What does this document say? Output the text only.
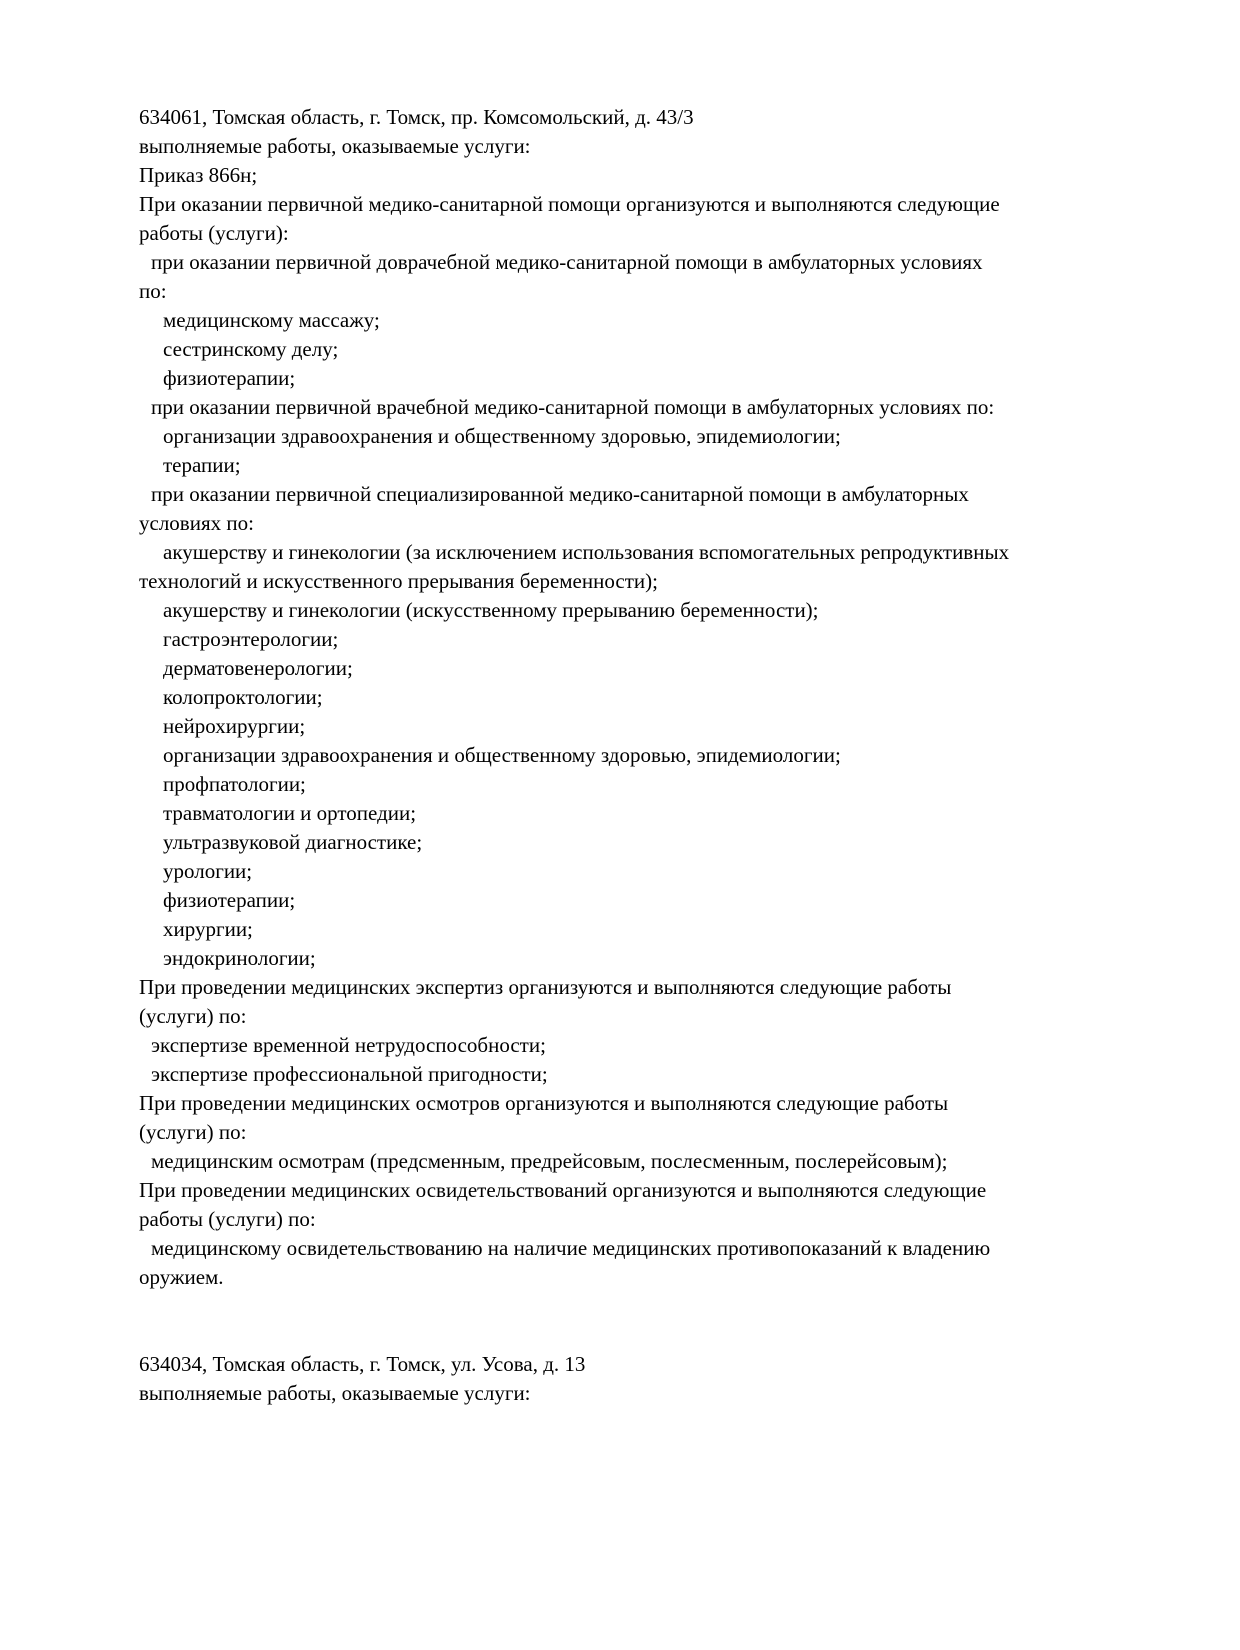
634061, Томская область, г. Томск, пр. Комсомольский, д. 43/3
выполняемые работы, оказываемые услуги:
Приказ 866н;
При оказании первичной медико-санитарной помощи организуются и выполняются следующие
работы (услуги):
при оказании первичной доврачебной медико-санитарной помощи в амбулаторных условиях
по:
медицинскому массажу;
сестринскому делу;
физиотерапии;
при оказании первичной врачебной медико-санитарной помощи в амбулаторных условиях по:
организации здравоохранения и общественному здоровью, эпидемиологии;
терапии;
при оказании первичной специализированной медико-санитарной помощи в амбулаторных
условиях по:
акушерству и гинекологии (за исключением использования вспомогательных репродуктивных
технологий и искусственного прерывания беременности);
акушерству и гинекологии (искусственному прерыванию беременности);
гастроэнтерологии;
дерматовенерологии;
колопроктологии;
нейрохирургии;
организации здравоохранения и общественному здоровью, эпидемиологии;
профпатологии;
травматологии и ортопедии;
ультразвуковой диагностике;
урологии;
физиотерапии;
хирургии;
эндокринологии;
При проведении медицинских экспертиз организуются и выполняются следующие работы
(услуги) по:
экспертизе временной нетрудоспособности;
экспертизе профессиональной пригодности;
При проведении медицинских осмотров организуются и выполняются следующие работы
(услуги) по:
медицинским осмотрам (предсменным, предрейсовым, послесменным, послерейсовым);
При проведении медицинских освидетельствований организуются и выполняются следующие
работы (услуги) по:
медицинскому освидетельствованию на наличие медицинских противопоказаний к владению
оружием.

634034, Томская область, г. Томск, ул. Усова, д. 13
выполняемые работы, оказываемые услуги:
